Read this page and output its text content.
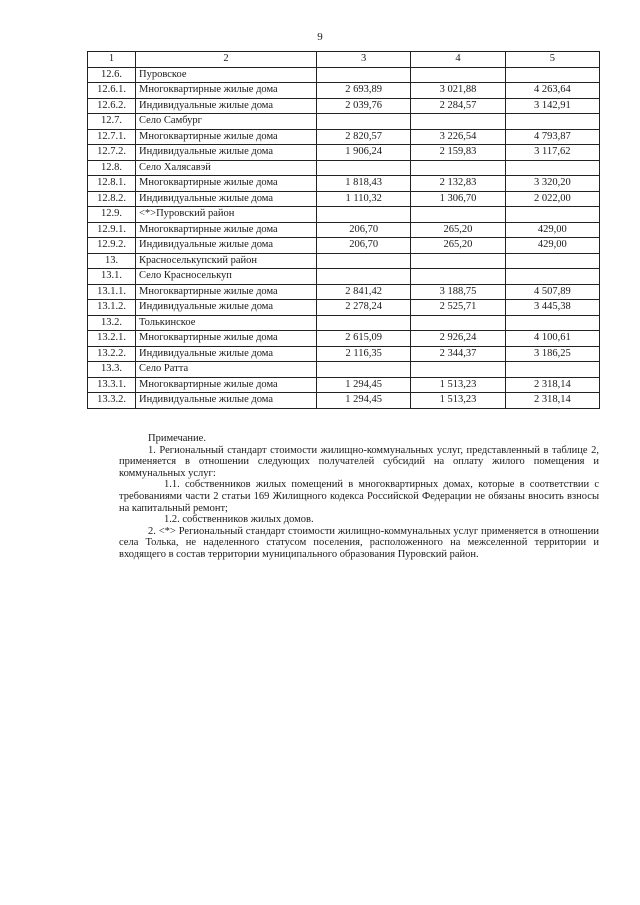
9
1	2	3	4	5
12.6.	Пуровское			
12.6.1.	Многоквартирные жилые дома	2 693,89	3 021,88	4 263,64
12.6.2.	Индивидуальные жилые дома	2 039,76	2 284,57	3 142,91
12.7.	Село Самбург			
12.7.1.	Многоквартирные жилые дома	2 820,57	3 226,54	4 793,87
12.7.2.	Индивидуальные жилые дома	1 906,24	2 159,83	3 117,62
12.8.	Село Халясавэй			
12.8.1.	Многоквартирные жилые дома	1 818,43	2 132,83	3 320,20
12.8.2.	Индивидуальные жилые дома	1 110,32	1 306,70	2 022,00
12.9.	<*>Пуровский район			
12.9.1.	Многоквартирные жилые дома	206,70	265,20	429,00
12.9.2.	Индивидуальные жилые дома	206,70	265,20	429,00
13.	Красноселькупский район			
13.1.	Село Красноселькуп			
13.1.1.	Многоквартирные жилые дома	2 841,42	3 188,75	4 507,89
13.1.2.	Индивидуальные жилые дома	2 278,24	2 525,71	3 445,38
13.2.	Толькинское			
13.2.1.	Многоквартирные жилые дома	2 615,09	2 926,24	4 100,61
13.2.2.	Индивидуальные жилые дома	2 116,35	2 344,37	3 186,25
13.3.	Село Ратта			
13.3.1.	Многоквартирные жилые дома	1 294,45	1 513,23	2 318,14
13.3.2.	Индивидуальные жилые дома	1 294,45	1 513,23	2 318,14

Примечание.

1. Региональный стандарт стоимости жилищно-коммунальных услуг, представленный в таблице 2, применяется в отношении следующих получателей субсидий на оплату жилого помещения и коммунальных услуг:

1.1. собственников жилых помещений в многоквартирных домах, которые в соответствии с требованиями части 2 статьи 169 Жилищного кодекса Российской Федерации не обязаны вносить взносы на капитальный ремонт;

1.2. собственников жилых домов.

2. <*> Региональный стандарт стоимости жилищно-коммунальных услуг применяется в отношении села Толька, не наделенного статусом поселения, расположенного на межселенной территории и входящего в состав территории муниципального образования Пуровский район.
